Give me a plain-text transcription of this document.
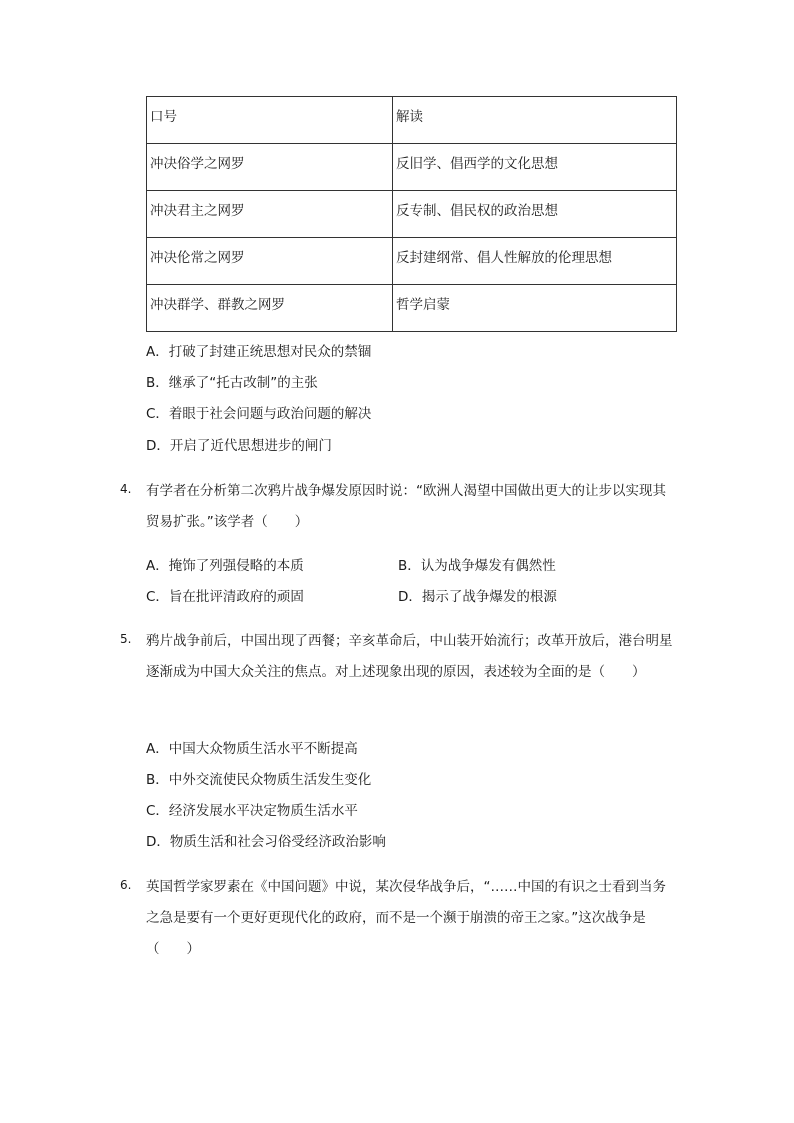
口号	解读
冲决俗学之网罗	反旧学、倡西学的文化思想
冲决君主之网罗	反专制、倡民权的政治思想
冲决伦常之网罗	反封建纲常、倡人性解放的伦理思想
冲决群学、群教之网罗	哲学启蒙
A．打破了封建正统思想对民众的禁锢
B．继承了“托古改制”的主张
C．着眼于社会问题与政治问题的解决
D．开启了近代思想进步的闸门
4. 有学者在分析第二次鸦片战争爆发原因时说：“欧洲人渴望中国做出更大的让步以实现其贸易扩张。”该学者（　　）
A．掩饰了列强侵略的本质	B．认为战争爆发有偶然性
C．旨在批评清政府的顽固	D．揭示了战争爆发的根源
5. 鸦片战争前后，中国出现了西餐；辛亥革命后，中山装开始流行；改革开放后，港台明星逐渐成为中国大众关注的焦点。对上述现象出现的原因，表述较为全面的是（　　）
A．中国大众物质生活水平不断提高
B．中外交流使民众物质生活发生变化
C．经济发展水平决定物质生活水平
D．物质生活和社会习俗受经济政治影响
6. 英国哲学家罗素在《中国问题》中说，某次侵华战争后，“……中国的有识之士看到当务之急是要有一个更好更现代化的政府，而不是一个濒于崩溃的帝王之家。”这次战争是（　　）
